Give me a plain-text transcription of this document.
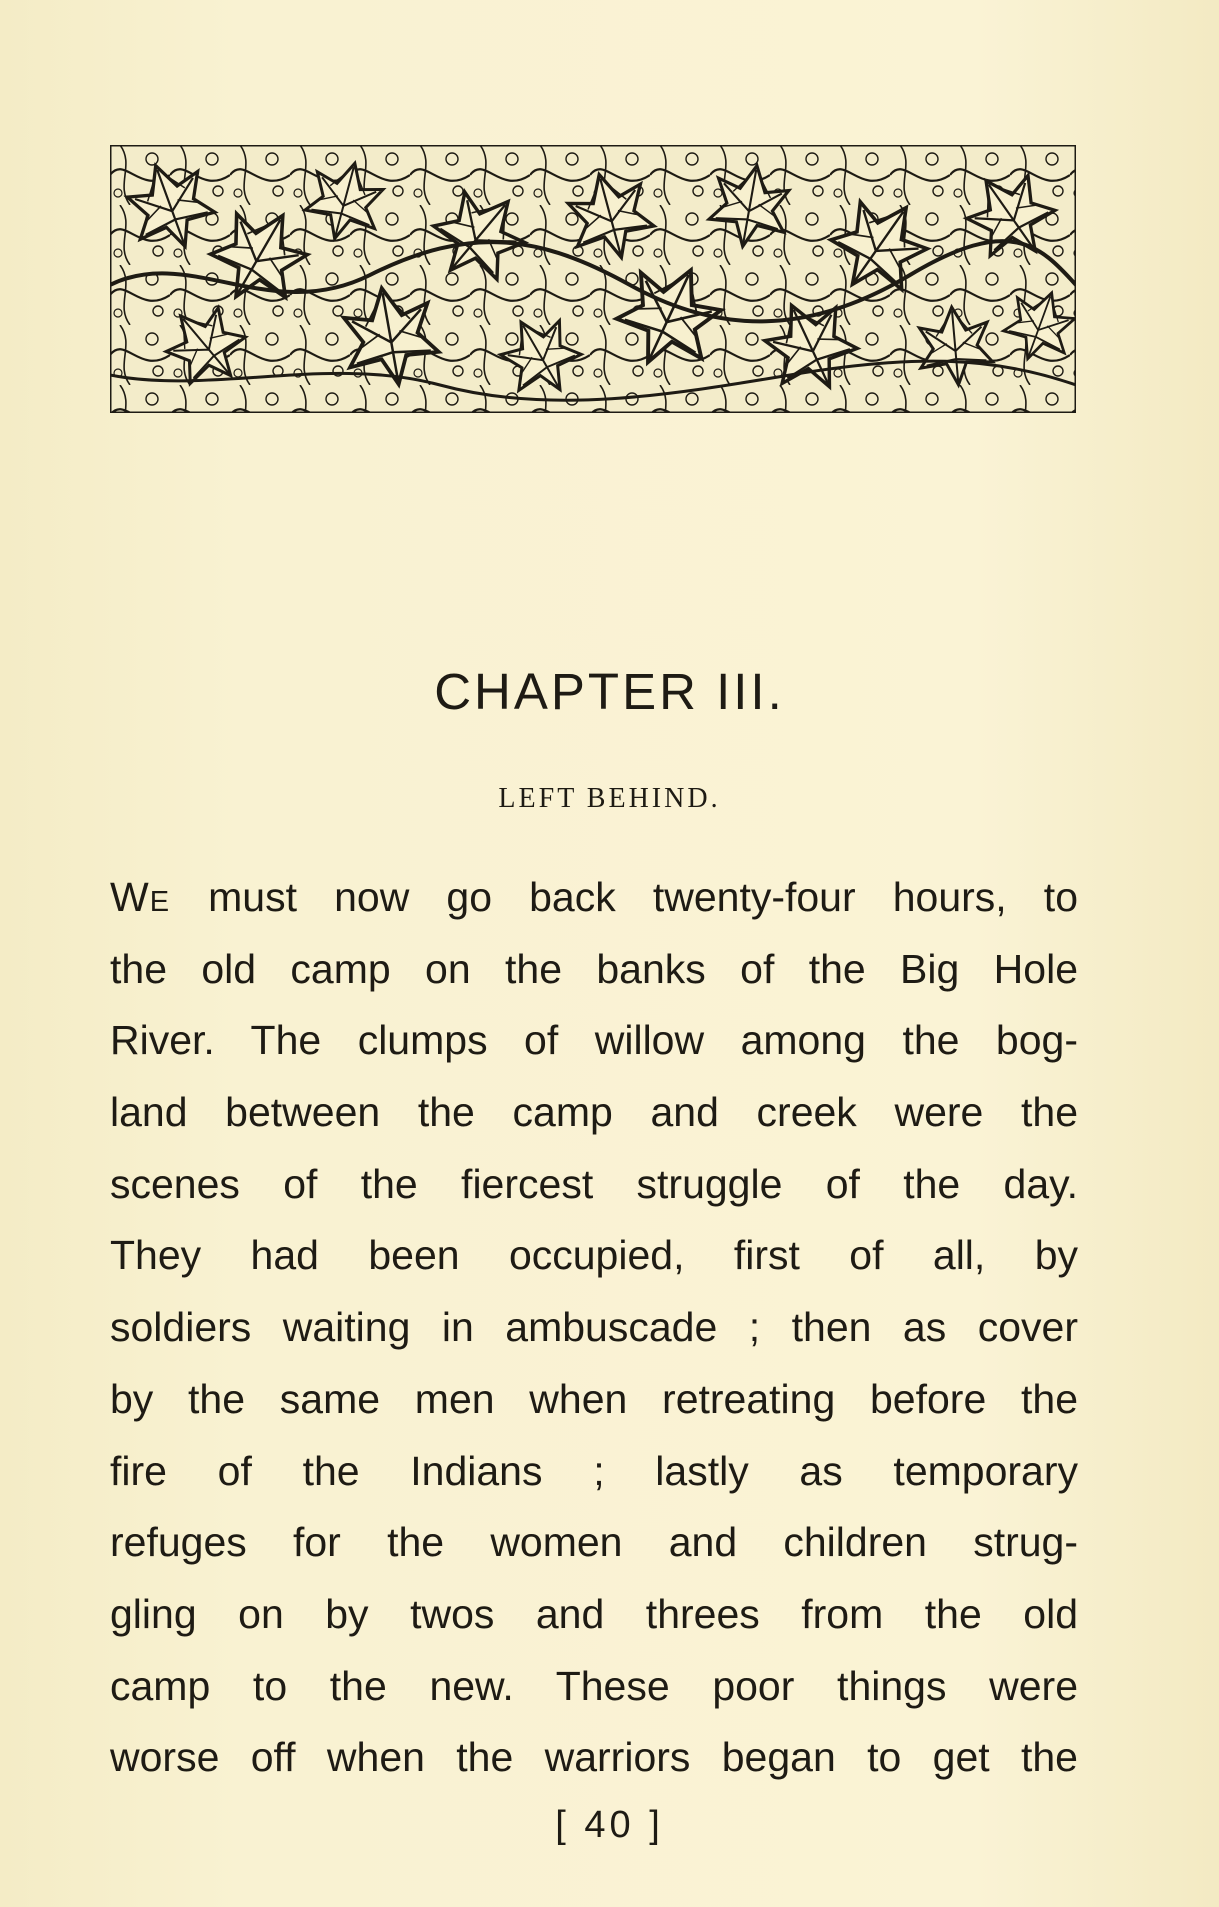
CHAPTER III.
LEFT BEHIND.
WE must now go back twenty-four hours, to
the old camp on the banks of the Big Hole
River. The clumps of willow among the bog-
land between the camp and creek were the
scenes of the fiercest struggle of the day.
They had been occupied, first of all, by
soldiers waiting in ambuscade ; then as cover
by the same men when retreating before the
fire of the Indians ; lastly as temporary
refuges for the women and children strug-
gling on by twos and threes from the old
camp to the new. These poor things were
worse off when the warriors began to get the
[ 40 ]
